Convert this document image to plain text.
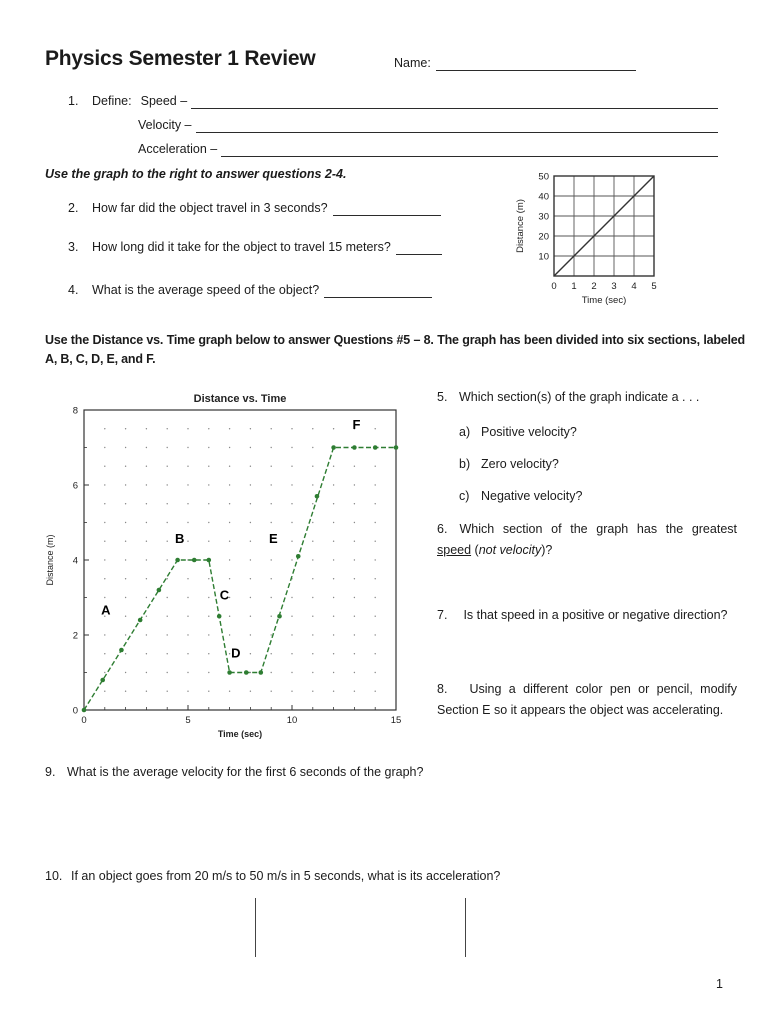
Physics Semester 1 Review	Name:
1.	Define: Speed –
Velocity –
Acceleration –
Use the graph to the right to answer questions 2-4.
2.	How far did the object travel in 3 seconds?
3.	How long did it take for the object to travel 15 meters?
4.	What is the average speed of the object?
10
20
30
40
50
0 1 2 3 4 5
Distance (m)
Time (sec)
Use the Distance vs. Time graph below to answer Questions #5 – 8. The graph has been divided into six sections, labeled A, B, C, D, E, and F.
Distance vs. Time
0	5	10	15
0
2
4
6
8
A
B
C
D
E
F
Distance (m)
Time (sec)
5. Which section(s) of the graph indicate a . . .
a) Positive velocity?
b) Zero velocity?
c) Negative velocity?

6. Which section of the graph has the greatest speed (not velocity)?

7. Is that speed in a positive or negative direction?

8. Using a different color pen or pencil, modify Section E so it appears the object was accelerating.

9. What is the average velocity for the first 6 seconds of the graph?
10. If an object goes from 20 m/s to 50 m/s in 5 seconds, what is its acceleration?
1
